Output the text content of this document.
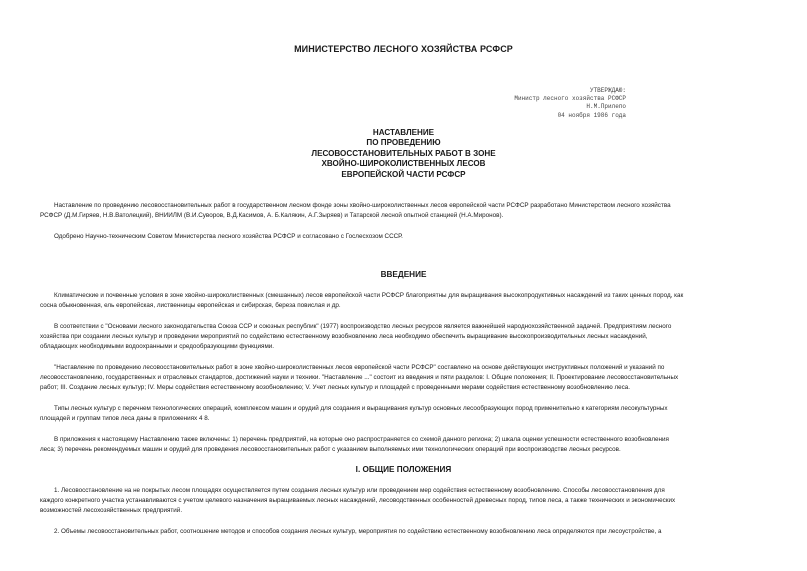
МИНИСТЕРСТВО ЛЕСНОГО ХОЗЯЙСТВА РСФСР
УТВЕРЖДАЮ:
Министр лесного хозяйства РСФСР
Н.М.Прилепо
04 ноября 1986 года
НАСТАВЛЕНИЕ
ПО ПРОВЕДЕНИЮ
ЛЕСОВОССТАНОВИТЕЛЬНЫХ РАБОТ В ЗОНЕ
ХВОЙНО-ШИРОКОЛИСТВЕННЫХ ЛЕСОВ
ЕВРОПЕЙСКОЙ ЧАСТИ РСФСР
Наставление по проведению лесовосстановительных работ в государственном лесном фонде зоны хвойно-широколиственных лесов европейской части РСФСР разработано Министерством лесного хозяйства
РСФСР (Д.М.Гиряев, Н.В.Ватолецкий), ВНИИЛМ (В.И.Суворов, В.Д.Касимов, А. Б.Калякин, А.Г.Зыряев) и Татарской лесной опытной станцией (Н.А.Миронов).
Одобрено Научно-техническим Советом Министерства лесного хозяйства РСФСР и согласовано с Гослесхозом СССР.
ВВЕДЕНИЕ
Климатические и почвенные условия в зоне хвойно-широколиственных (смешанных) лесов европейской части РСФСР благоприятны для выращивания высокопродуктивных насаждений из таких ценных пород, как
сосна обыкновенная, ель европейская, лиственницы европейская и сибирская, береза повислая и др.
В соответствии с "Основами лесного законодательства Союза ССР и союзных республик" (1977) воспроизводство лесных ресурсов является важнейшей народнохозяйственной задачей. Предприятиям лесного
хозяйства при создании лесных культур и проведении мероприятий по содействию естественному возобновлению леса необходимо обеспечить выращивание высокопроизводительных лесных насаждений,
обладающих необходимыми водоохранными и средообразующими функциями.
"Наставление по проведению лесовосстановительных работ в зоне хвойно-широколиственных лесов европейской части РСФСР" составлено на основе действующих инструктивных положений и указаний по
лесовосстановлению, государственных и отраслевых стандартов, достижений науки и техники. "Наставление ..." состоит из введения и пяти разделов: I. Общие положения; II. Проектирование лесовосстановительных
работ; III. Создание лесных культур; IV. Меры содействия естественному возобновлению; V. Учет лесных культур и площадей с проведенными мерами содействия естественному возобновлению леса.
Типы лесных культур с перечнем технологических операций, комплексом машин и орудий для создания и выращивания культур основных лесообразующих пород применительно к категориям лесокультурных
площадей и группам типов леса даны в приложениях 4 8.
В приложения к настоящему Наставлению также включены: 1) перечень предприятий, на которые оно распространяется со схемой данного региона; 2) шкала оценки успешности естественного возобновления
леса; 3) перечень рекомендуемых машин и орудий для проведения лесовосстановительных работ с указанием выполняемых ими технологических операций при воспроизводстве лесных ресурсов.
I. ОБЩИЕ ПОЛОЖЕНИЯ
1. Лесовосстановление на не покрытых лесом площадях осуществляется путем создания лесных культур или проведением мер содействия естественному возобновлению. Способы лесовосстановления для
каждого конкретного участка устанавливаются с учетом целевого назначения выращиваемых лесных насаждений, лесоводственных особенностей древесных пород, типов леса, а также технических и экономических
возможностей лесохозяйственных предприятий.
2. Объемы лесовосстановительных работ, соотношение методов и способов создания лесных культур, мероприятия по содействию естественному возобновлению леса определяются при лесоустройстве, а
